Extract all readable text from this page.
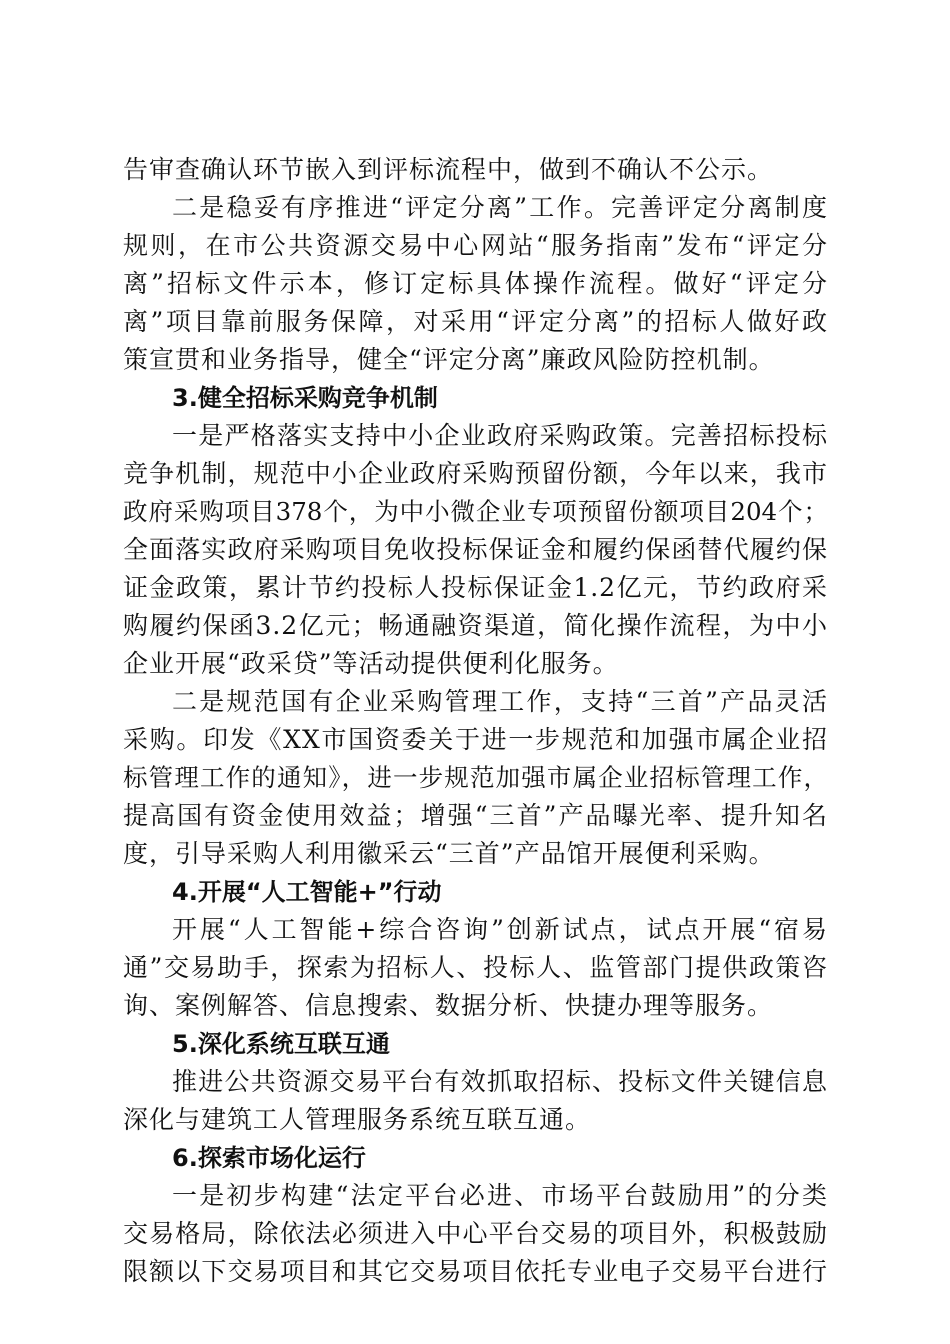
告审查确认环节嵌入到评标流程中，做到不确认不公示。
二是稳妥有序推进“评定分离”工作。完善评定分离制度
规则，在市公共资源交易中心网站“服务指南”发布“评定分
离”招标文件示本，修订定标具体操作流程。做好“评定分
离”项目靠前服务保障，对采用“评定分离”的招标人做好政
策宣贯和业务指导，健全“评定分离”廉政风险防控机制。
3.健全招标采购竞争机制
一是严格落实支持中小企业政府采购政策。完善招标投标
竞争机制，规范中小企业政府采购预留份额，今年以来，我市
政府采购项目378个，为中小微企业专项预留份额项目204个；
全面落实政府采购项目免收投标保证金和履约保函替代履约保
证金政策，累计节约投标人投标保证金1.2亿元，节约政府采
购履约保函3.2亿元；畅通融资渠道，简化操作流程，为中小
企业开展“政采贷”等活动提供便利化服务。
二是规范国有企业采购管理工作，支持“三首”产品灵活
采购。印发《XX市国资委关于进一步规范和加强市属企业招
标管理工作的通知》，进一步规范加强市属企业招标管理工作，
提高国有资金使用效益；增强“三首”产品曝光率、提升知名
度，引导采购人利用徽采云“三首”产品馆开展便利采购。
4.开展“人工智能+”行动
开展“人工智能+综合咨询”创新试点，试点开展“宿易
通”交易助手，探索为招标人、投标人、监管部门提供政策咨
询、案例解答、信息搜索、数据分析、快捷办理等服务。
5.深化系统互联互通
推进公共资源交易平台有效抓取招标、投标文件关键信息
深化与建筑工人管理服务系统互联互通。
6.探索市场化运行
一是初步构建“法定平台必进、市场平台鼓励用”的分类
交易格局，除依法必须进入中心平台交易的项目外，积极鼓励
限额以下交易项目和其它交易项目依托专业电子交易平台进行
